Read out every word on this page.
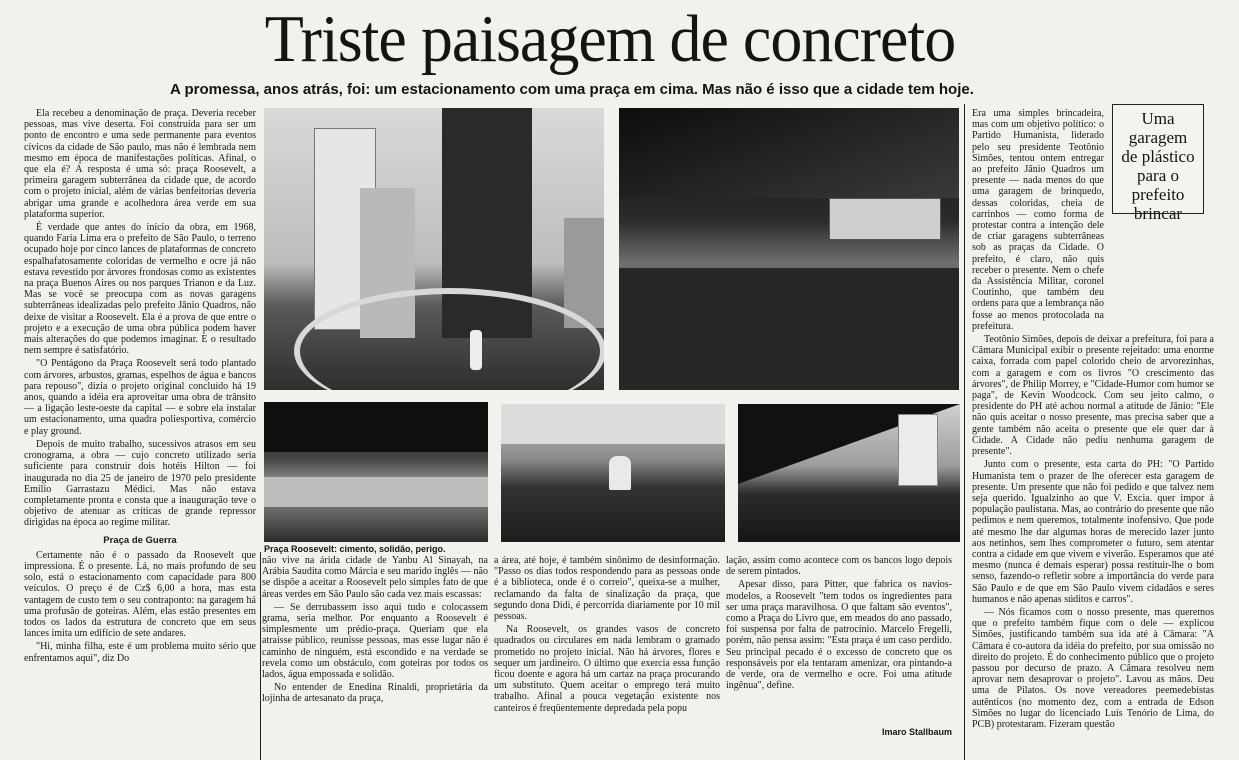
Triste paisagem de concreto
A promessa, anos atrás, foi: um estacionamento com uma praça em cima. Mas não é isso que a cidade tem hoje.

Ela recebeu a denominação de praça. Deveria receber pessoas, mas vive deserta. Foi construída para ser um ponto de encontro e uma sede permanente para eventos cívicos da cidade de São paulo, mas não é lembrada nem mesmo em época de manifestações políticas. Afinal, o que ela é? A resposta é uma só: praça Roosevelt, a primeira garagem subterrânea da cidade que, de acordo com o projeto inicial, além de várias benfeitorias deveria abrigar uma grande e acolhedora área verde em sua plataforma superior.

É verdade que antes do início da obra, em 1968, quando Faria Lima era o prefeito de São Paulo, o terreno ocupado hoje por cinco lances de plataformas de concreto espalhafatosamente coloridas de vermelho e ocre já não estava revestido por árvores frondosas como as existentes na praça Buenos Aires ou nos parques Trianon e da Luz. Mas se você se preocupa com as novas garagens subterrâneas idealizadas pelo prefeito Jânio Quadros, não deixe de visitar a Roosevelt. Ela é a prova de que entre o projeto e a execução de uma obra pública podem haver mais alterações do que podemos imaginar. E o resultado nem sempre é satisfatório.

"O Pentágono da Praça Roosevelt será todo plantado com árvores, arbustos, gramas, espelhos de água e bancos para repouso", dizia o projeto original concluído há 19 anos, quando a idéia era aproveitar uma obra de trânsito — a ligação leste-oeste da capital — e sobre ela instalar um estacionamento, uma quadra poliesportiva, comércio e play ground.

Depois de muito trabalho, sucessivos atrasos em seu cronograma, a obra — cujo concreto utilizado seria suficiente para construir dois hotéis Hilton — foi inaugurada no dia 25 de janeiro de 1970 pelo presidente Emílio Garrastazu Médici. Mas não estava completamente pronta e consta que a inauguração teve o objetivo de atenuar as críticas de grande repressor dirigidas na época ao regime militar.

Praça de Guerra

Certamente não é o passado da Roosevelt que impressiona. É o presente. Lá, no mais profundo de seu solo, está o estacionamento com capacidade para 800 veículos. O preço é de Cz$ 6,00 a hora, mas esta vantagem de custo tem o seu contraponto: na garagem há uma profusão de goteiras. Além, elas estão presentes em todos os lados da estrutura de concreto que em seus lances imita um edifício de sete andares.

"Hi, minha filha, este é um problema muito sério que enfrentamos aqui", diz Do

Praça Roosevelt: cimento, solidão, perigo.

não vive na árida cidade de Yanbu Al Sinayah, na Arábia Saudita como Márcia e seu marido inglês — não se dispõe a aceitar a Roosevelt pelo simples fato de que áreas verdes em São Paulo são cada vez mais escassas:

— Se derrubassem isso aqui tudo e colocassem grama, seria melhor. Por enquanto a Roosevelt é simplesmente um prédio-praça. Queriam que ela atraísse público, reunisse pessoas, mas esse lugar não é caminho de ninguém, está escondido e na verdade se revela como um obstáculo, com goteiras por todos os lados, água empossada e solidão.

No entender de Enedina Rinaldi, proprietária da lojinha de artesanato da praça,

a área, até hoje, é também sinônimo de desinformação. "Passo os dias todos respondendo para as pessoas onde é a biblioteca, onde é o correio", queixa-se a mulher, reclamando da falta de sinalização da praça, que segundo dona Didi, é percorrida diariamente por 10 mil pessoas.

Na Roosevelt, os grandes vasos de concreto quadrados ou circulares em nada lembram o gramado prometido no projeto inicial. Não há árvores, flores e sequer um jardineiro. O último que exercia essa função ficou doente e agora há um cartaz na praça procurando um substituto. Quem aceitar o emprego terá muito trabalho. Afinal a pouca vegetação existente nos canteiros é freqüentemente depredada pela popu

lação, assim como acontece com os bancos logo depois de serem pintados.

Apesar disso, para Pitter, que fabrica os navios-modelos, a Roosevelt "tem todos os ingredientes para ser uma praça maravilhosa. O que faltam são eventos", como a Praça do Livro que, em meados do ano passado, foi suspensa por falta de patrocínio. Marcelo Fregelli, porém, não pensa assim: "Esta praça é um caso perdido. Seu principal pecado é o excesso de concreto que os responsáveis por ela tentaram amenizar, ora pintando-a de verde, ora de vermelho e ocre. Foi uma atitude ingênua", define.

Imaro Stallbaum
Uma
garagem
de plástico
para o
prefeito
brincar

Era uma simples brincadeira, mas com um objetivo político: o Partido Humanista, liderado pelo seu presidente Teotônio Simões, tentou ontem entregar ao prefeito Jânio Quadros um presente — nada menos do que uma garagem de brinquedo, dessas coloridas, cheia de carrinhos — como forma de protestar contra a intenção dele de criar garagens subterrâneas sob as praças da Cidade. O prefeito, é claro, não quis receber o presente. Nem o chefe da Assistência Militar, coronel Coutinho, que também deu ordens para que a lembrança não fosse ao menos protocolada na prefeitura.

Teotônio Simões, depois de deixar a prefeitura, foi para a Câmara Municipal exibir o presente rejeitado: uma enorme caixa, forrada com papel colorido cheio de arvorezinhas, com a garagem e com os livros "O crescimento das árvores", de Philip Morrey, e "Cidade-Humor com humor se paga", de Kevin Woodcock. Com seu jeito calmo, o presidente do PH até achou normal a atitude de Jânio: "Ele não quis aceitar o nosso presente, mas precisa saber que a gente também não aceita o presente que ele quer dar à Cidade. A Cidade não pediu nenhuma garagem de presente".

Junto com o presente, esta carta do PH: "O Partido Humanista tem o prazer de lhe oferecer esta garagem de presente. Um presente que não foi pedido e que talvez nem seja querido. Igualzinho ao que V. Excia. quer impor à população paulistana. Mas, ao contrário do presente que não pedimos e nem queremos, totalmente inofensivo. Que pode até mesmo lhe dar algumas horas de merecido lazer junto aos netinhos, sem lhes comprometer o futuro, sem atentar contra a cidade em que vivem e viverão. Esperamos que até mesmo (nunca é demais esperar) possa restituir-lhe o bom senso, fazendo-o refletir sobre a importância do verde para São Paulo e de que em São Paulo vivem cidadãos e seres humanos e não apenas súditos e carros".

— Nós ficamos com o nosso presente, mas queremos que o prefeito também fique com o dele — explicou Simões, justificando também sua ida até à Câmara: "A Câmara é co-autora da idéia do prefeito, por sua omissão no direito do projeto. É do conhecimento público que o projeto passou por decurso de prazo. A Câmara resolveu nem aprovar nem desaprovar o projeto". Lavou as mãos. Deu uma de Pilatos. Os nove vereadores peemedebistas autênticos (no momento dez, com a entrada de Edson Simões no lugar do licenciado Luís Tenório de Lima, do PCB) protestaram. Fizeram questão
